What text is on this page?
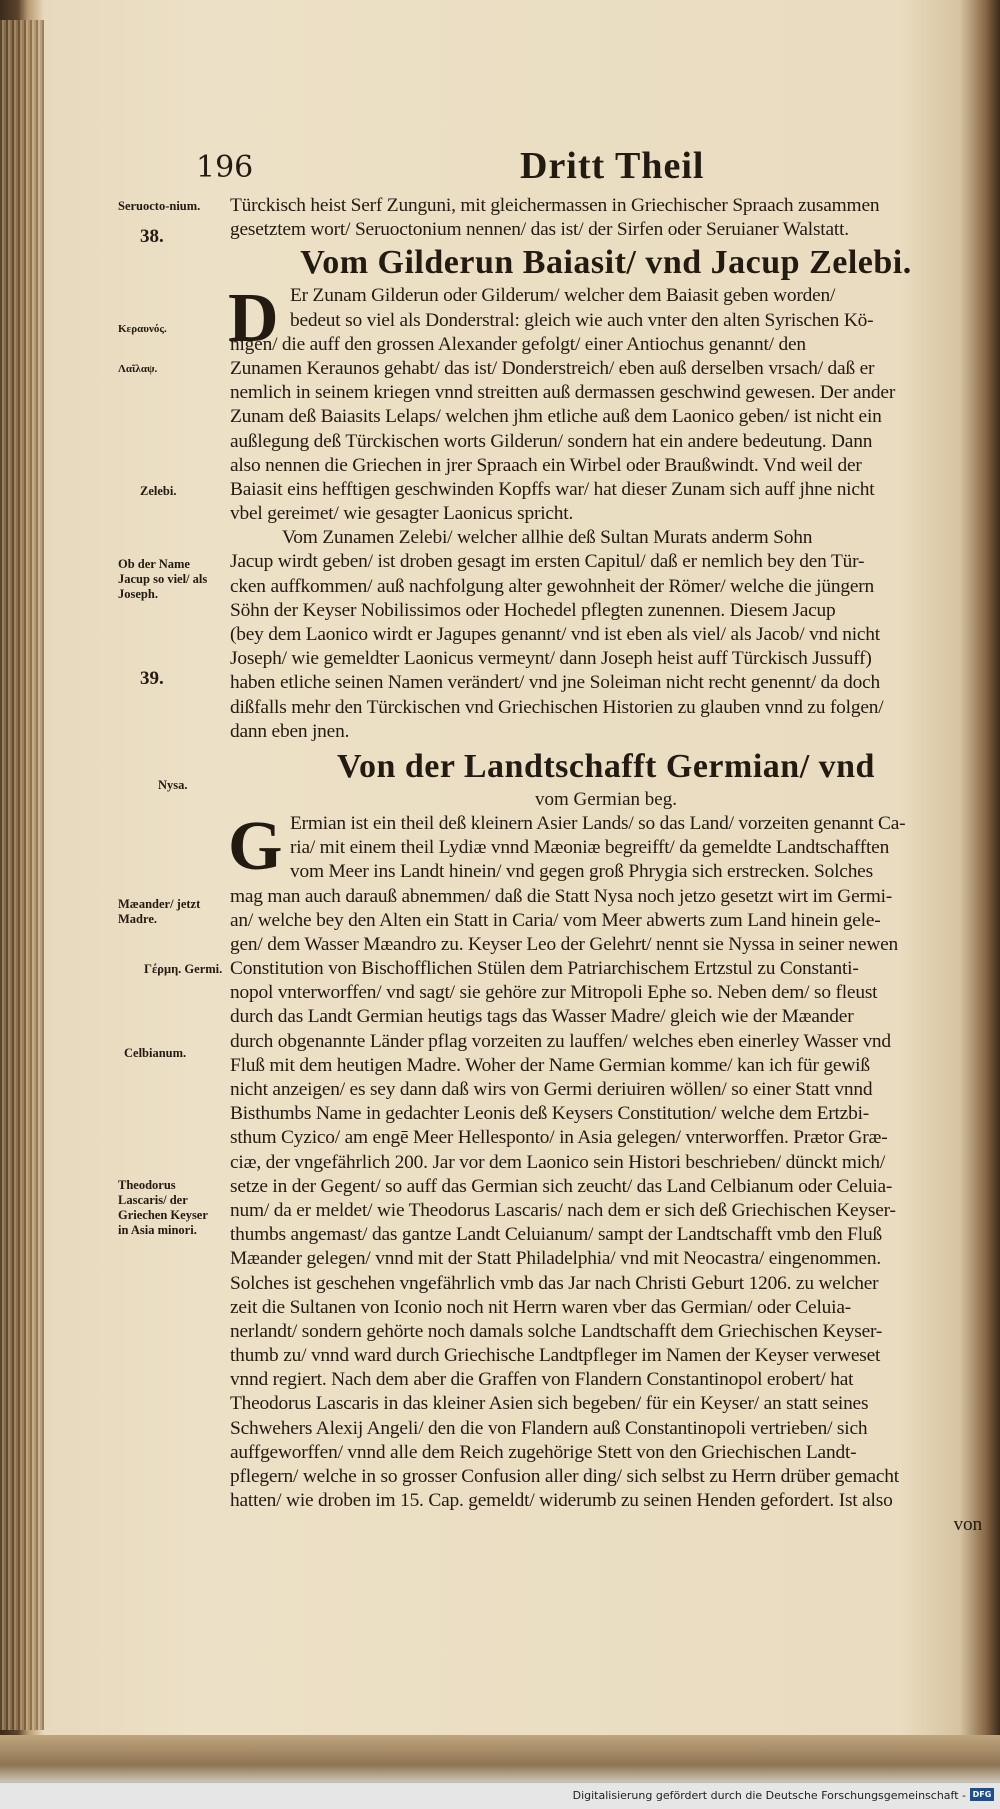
196	Dritt Theil
Seruocto-nium.
38.
Κεραυνός.
Λαῖλαψ.
Zelebi.
Ob der Name Jacup so viel/ als Joseph.
39.
Nysa.
Mæander/ jetzt Madre.
Γέρμη. Germi.
Celbianum.
Theodorus Lascaris/ der Griechen Keyser in Asia minori.
Türckisch heist Serf Zunguni, mit gleichermassen in Griechischer Spraach zusammen
gesetztem wort/ Seruoctonium nennen/ das ist/ der Sirfen oder Seruianer Walstatt.
Vom Gilderun Baiasit/ vnd Jacup Zelebi.
D Er Zunam Gilderun oder Gilderum/ welcher dem Baiasit geben worden/
bedeut so viel als Donderstral: gleich wie auch vnter den alten Syrischen Kö-
nigen/ die auff den grossen Alexander gefolgt/ einer Antiochus genannt/ den
Zunamen Keraunos gehabt/ das ist/ Donderstreich/ eben auß derselben vrsach/ daß er
nemlich in seinem kriegen vnnd streitten auß dermassen geschwind gewesen. Der ander
Zunam deß Baiasits Lelaps/ welchen jhm etliche auß dem Laonico geben/ ist nicht ein
außlegung deß Türckischen worts Gilderun/ sondern hat ein andere bedeutung. Dann
also nennen die Griechen in jrer Spraach ein Wirbel oder Braußwindt. Vnd weil der
Baiasit eins hefftigen geschwinden Kopffs war/ hat dieser Zunam sich auff jhne nicht
vbel gereimet/ wie gesagter Laonicus spricht.
Vom Zunamen Zelebi/ welcher allhie deß Sultan Murats anderm Sohn
Jacup wirdt geben/ ist droben gesagt im ersten Capitul/ daß er nemlich bey den Tür-
cken auffkommen/ auß nachfolgung alter gewohnheit der Römer/ welche die jüngern
Söhn der Keyser Nobilissimos oder Hochedel pflegten zunennen. Diesem Jacup
(bey dem Laonico wirdt er Jagupes genannt/ vnd ist eben als viel/ als Jacob/ vnd nicht
Joseph/ wie gemeldter Laonicus vermeynt/ dann Joseph heist auff Türckisch Jussuff)
haben etliche seinen Namen verändert/ vnd jne Soleiman nicht recht genennt/ da doch
dißfalls mehr den Türckischen vnd Griechischen Historien zu glauben vnnd zu folgen/
dann eben jnen.
Von der Landtschafft Germian/ vnd
vom Germian beg.
G Ermian ist ein theil deß kleinern Asier Lands/ so das Land/ vorzeiten genannt Ca-
ria/ mit einem theil Lydiæ vnnd Mæoniæ begreifft/ da gemeldte Landtschafften
vom Meer ins Landt hinein/ vnd gegen groß Phrygia sich erstrecken. Solches
mag man auch darauß abnemmen/ daß die Statt Nysa noch jetzo gesetzt wirt im Germi-
an/ welche bey den Alten ein Statt in Caria/ vom Meer abwerts zum Land hinein gele-
gen/ dem Wasser Mæandro zu. Keyser Leo der Gelehrt/ nennt sie Nyssa in seiner newen
Constitution von Bischofflichen Stülen dem Patriarchischem Ertzstul zu Constanti-
nopol vnterworffen/ vnd sagt/ sie gehöre zur Mitropoli Ephe so. Neben dem/ so fleust
durch das Landt Germian heutigs tags das Wasser Madre/ gleich wie der Mæander
durch obgenannte Länder pflag vorzeiten zu lauffen/ welches eben einerley Wasser vnd
Fluß mit dem heutigen Madre. Woher der Name Germian komme/ kan ich für gewiß
nicht anzeigen/ es sey dann daß wirs von Germi deriuiren wöllen/ so einer Statt vnnd
Bisthumbs Name in gedachter Leonis deß Keysers Constitution/ welche dem Ertzbi-
sthum Cyzico/ am engē Meer Hellesponto/ in Asia gelegen/ vnterworffen. Prætor Græ-
ciæ, der vngefährlich 200. Jar vor dem Laonico sein Histori beschrieben/ dünckt mich/
setze in der Gegent/ so auff das Germian sich zeucht/ das Land Celbianum oder Celuia-
num/ da er meldet/ wie Theodorus Lascaris/ nach dem er sich deß Griechischen Keyser-
thumbs angemast/ das gantze Landt Celuianum/ sampt der Landtschafft vmb den Fluß
Mæander gelegen/ vnnd mit der Statt Philadelphia/ vnd mit Neocastra/ eingenommen.
Solches ist geschehen vngefährlich vmb das Jar nach Christi Geburt 1206. zu welcher
zeit die Sultanen von Iconio noch nit Herrn waren vber das Germian/ oder Celuia-
nerlandt/ sondern gehörte noch damals solche Landtschafft dem Griechischen Keyser-
thumb zu/ vnnd ward durch Griechische Landtpfleger im Namen der Keyser verweset
vnnd regiert. Nach dem aber die Graffen von Flandern Constantinopol erobert/ hat
Theodorus Lascaris in das kleiner Asien sich begeben/ für ein Keyser/ an statt seines
Schwehers Alexij Angeli/ den die von Flandern auß Constantinopoli vertrieben/ sich
auffgeworffen/ vnnd alle dem Reich zugehörige Stett von den Griechischen Landt-
pflegern/ welche in so grosser Confusion aller ding/ sich selbst zu Herrn drüber gemacht
hatten/ wie droben im 15. Cap. gemeldt/ widerumb zu seinen Henden gefordert. Ist also
von
Digitalisierung gefördert durch die Deutsche Forschungsgemeinschaft - DFG
